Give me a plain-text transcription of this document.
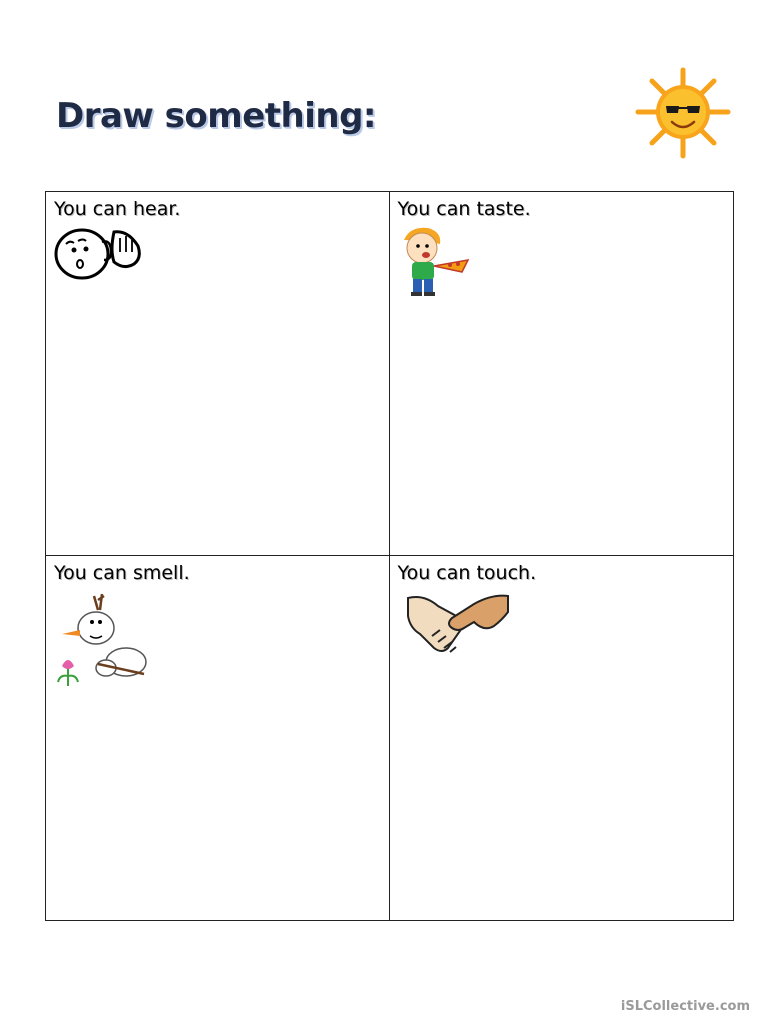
Draw something:
You can hear.	You can taste.
You can smell.	You can touch.
iSLCollective.com
